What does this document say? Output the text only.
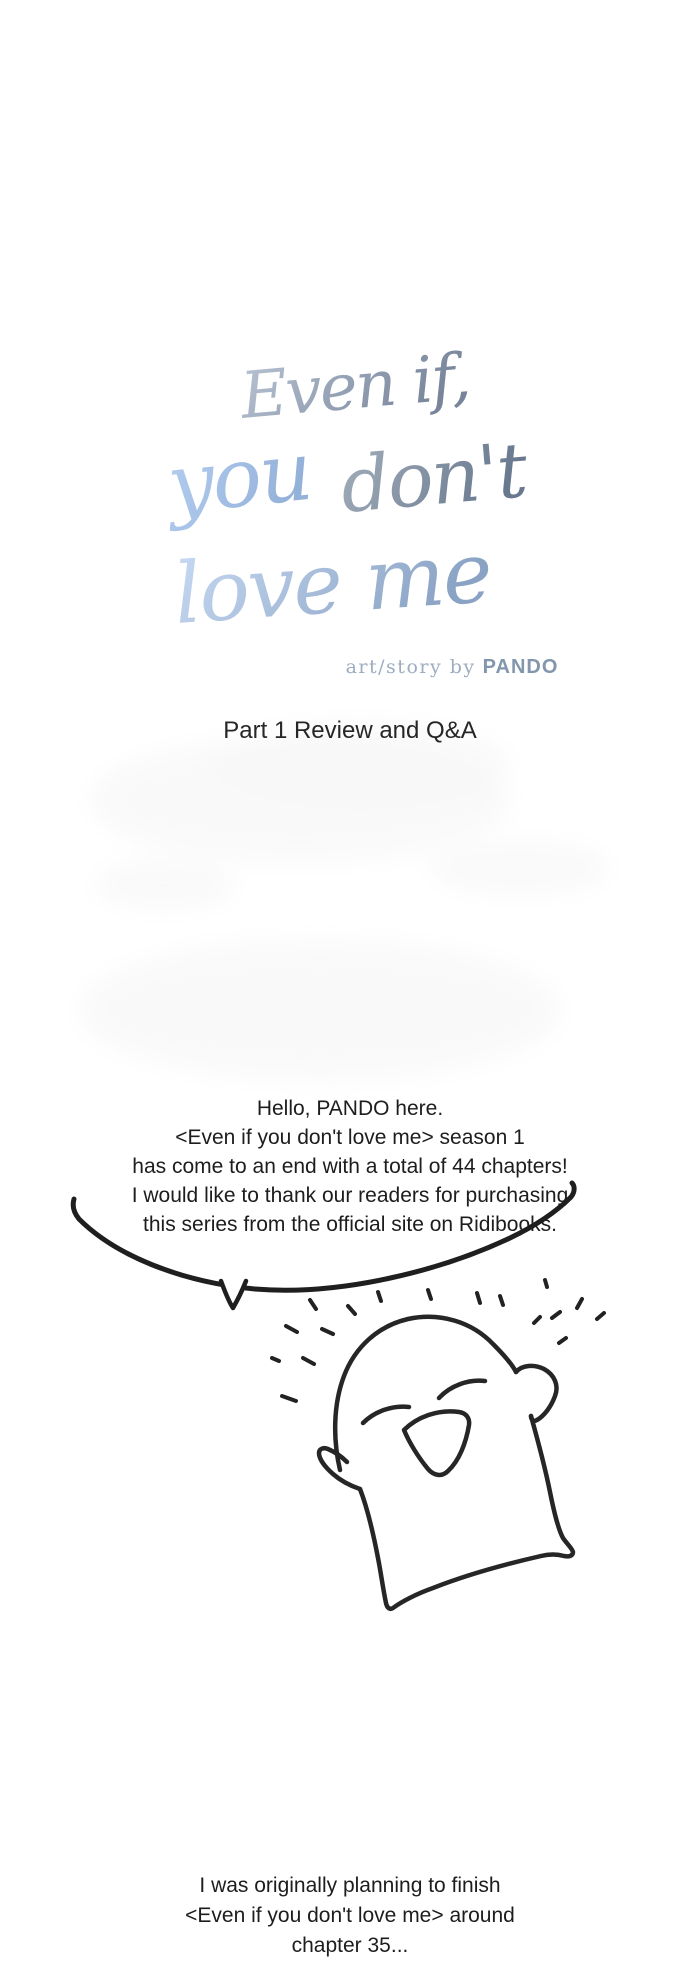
Even if,
you don't
love me
art/story by PANDO
Part 1 Review and Q&A
Hello, PANDO here.
<Even if you don't love me> season 1
has come to an end with a total of 44 chapters!
I would like to thank our readers for purchasing
this series from the official site on Ridibooks.
I was originally planning to finish
<Even if you don't love me> around
chapter 35...
